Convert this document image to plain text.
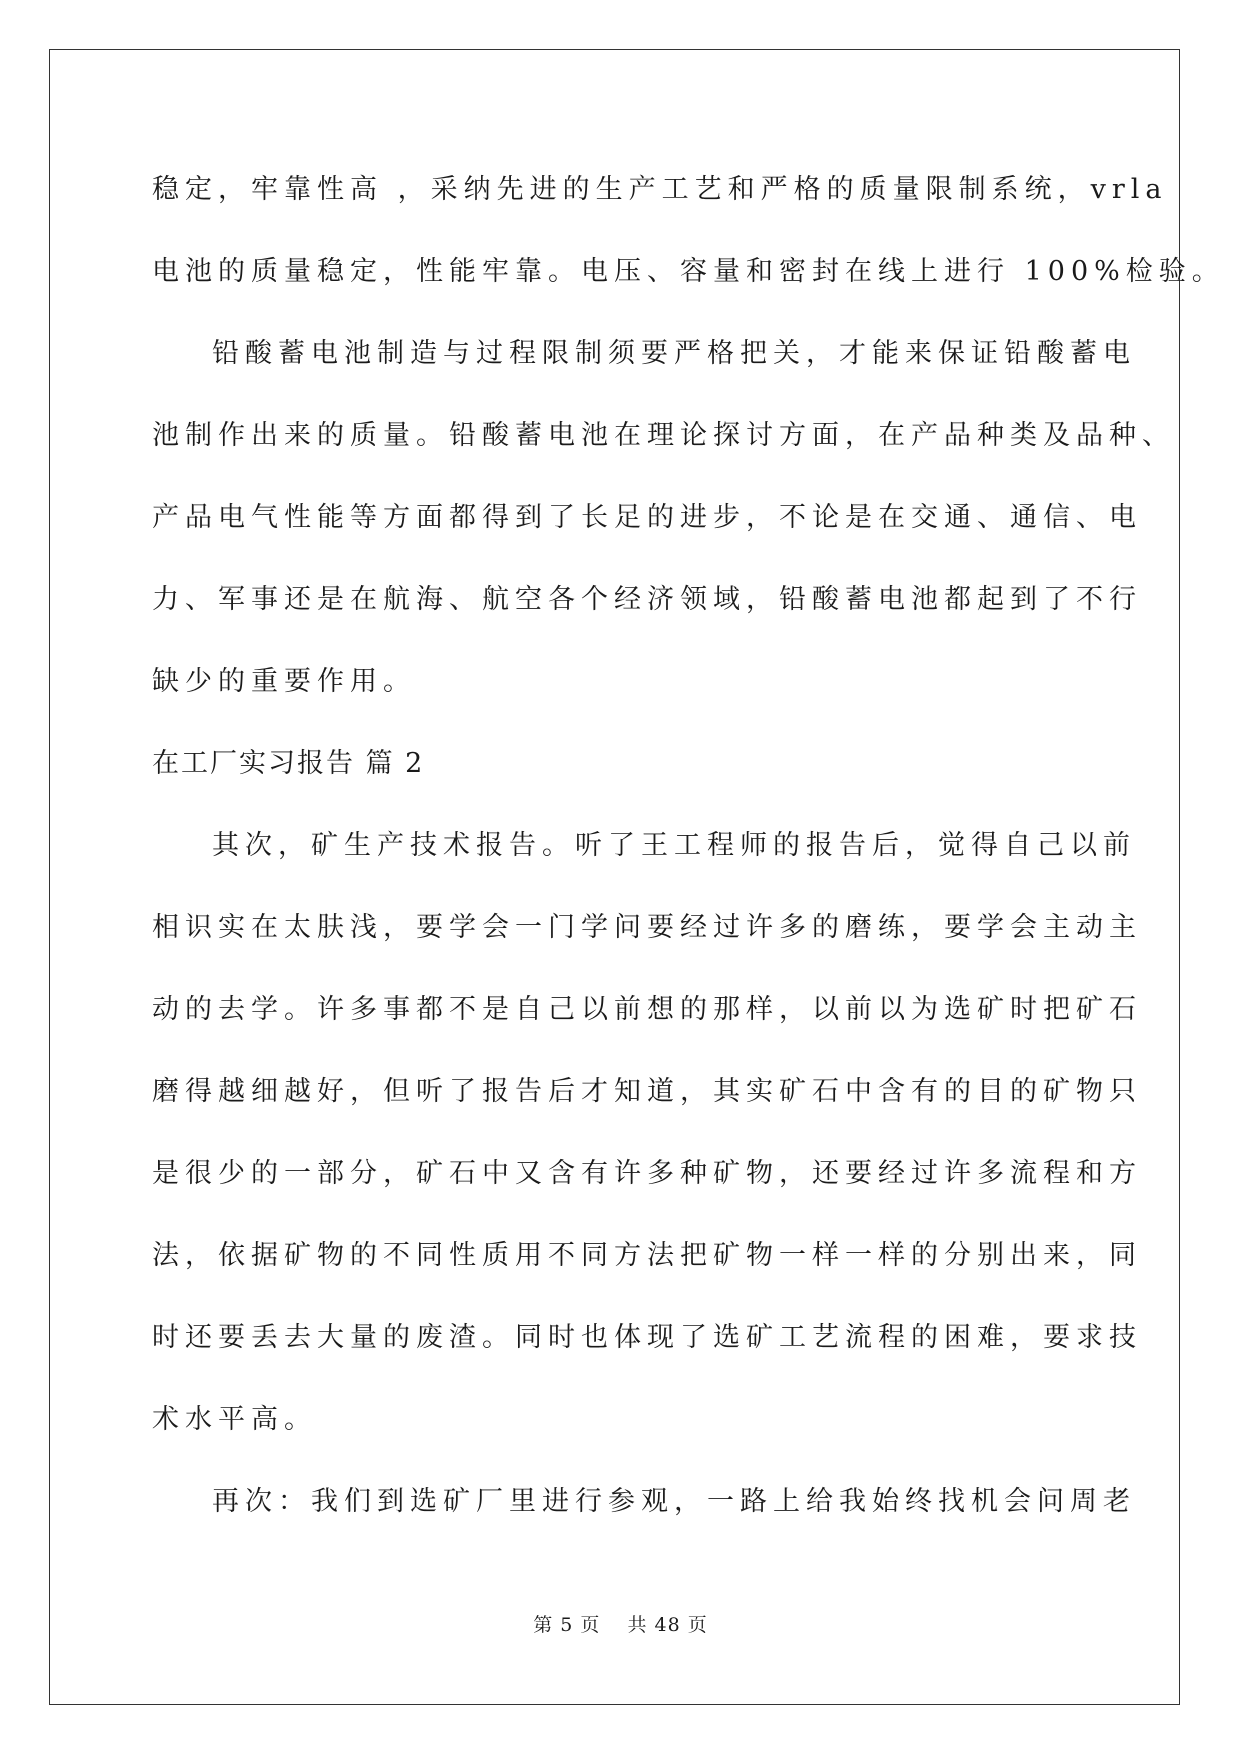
稳定，牢靠性高 ，采纳先进的生产工艺和严格的质量限制系统，vrla
电池的质量稳定，性能牢靠。电压、容量和密封在线上进行 100%检验。
铅酸蓄电池制造与过程限制须要严格把关，才能来保证铅酸蓄电
池制作出来的质量。铅酸蓄电池在理论探讨方面，在产品种类及品种、
产品电气性能等方面都得到了长足的进步，不论是在交通、通信、电
力、军事还是在航海、航空各个经济领域，铅酸蓄电池都起到了不行
缺少的重要作用。
在工厂实习报告 篇 2
其次，矿生产技术报告。听了王工程师的报告后，觉得自己以前
相识实在太肤浅，要学会一门学问要经过许多的磨练，要学会主动主
动的去学。许多事都不是自己以前想的那样，以前以为选矿时把矿石
磨得越细越好，但听了报告后才知道，其实矿石中含有的目的矿物只
是很少的一部分，矿石中又含有许多种矿物，还要经过许多流程和方
法，依据矿物的不同性质用不同方法把矿物一样一样的分别出来，同
时还要丢去大量的废渣。同时也体现了选矿工艺流程的困难，要求技
术水平高。
再次：我们到选矿厂里进行参观，一路上给我始终找机会问周老
第 5 页 共 48 页
